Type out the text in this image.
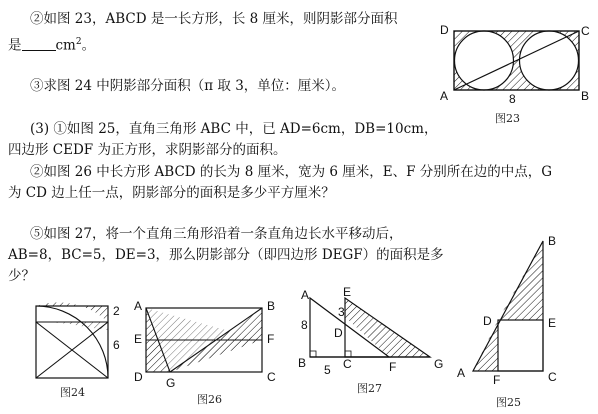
②如图 23，ABCD 是一长方形，长 8 厘米，则阴影部分面积
是	$cm^2$。
③求图 24 中阴影部分面积（π 取 3，单位：厘米）。
(3) ①如图 25，直角三角形 ABC 中，已 AD=6cm，DB=10cm，
四边形 CEDF 为正方形，求阴影部分的面积。
②如图 26 中长方形 ABCD 的长为 8 厘米，宽为 6 厘米，E、F 分别所在边的中点，G
为 CD 边上任一点，阴影部分的面积是多少平方厘米？
⑤如图 27，将一个直角三角形沿着一条直角边长水平移动后，
AB=8，BC=5，DE=3，那么阴影部分（即四边形 DEGF）的面积是多
少？
D	C
A	B
8
图23
2
6
图24
A	B
E	F
D G	C
图26
A	E
8
3
D
B	C	F	G
5
图27
B
D	E
A F	C
图25
